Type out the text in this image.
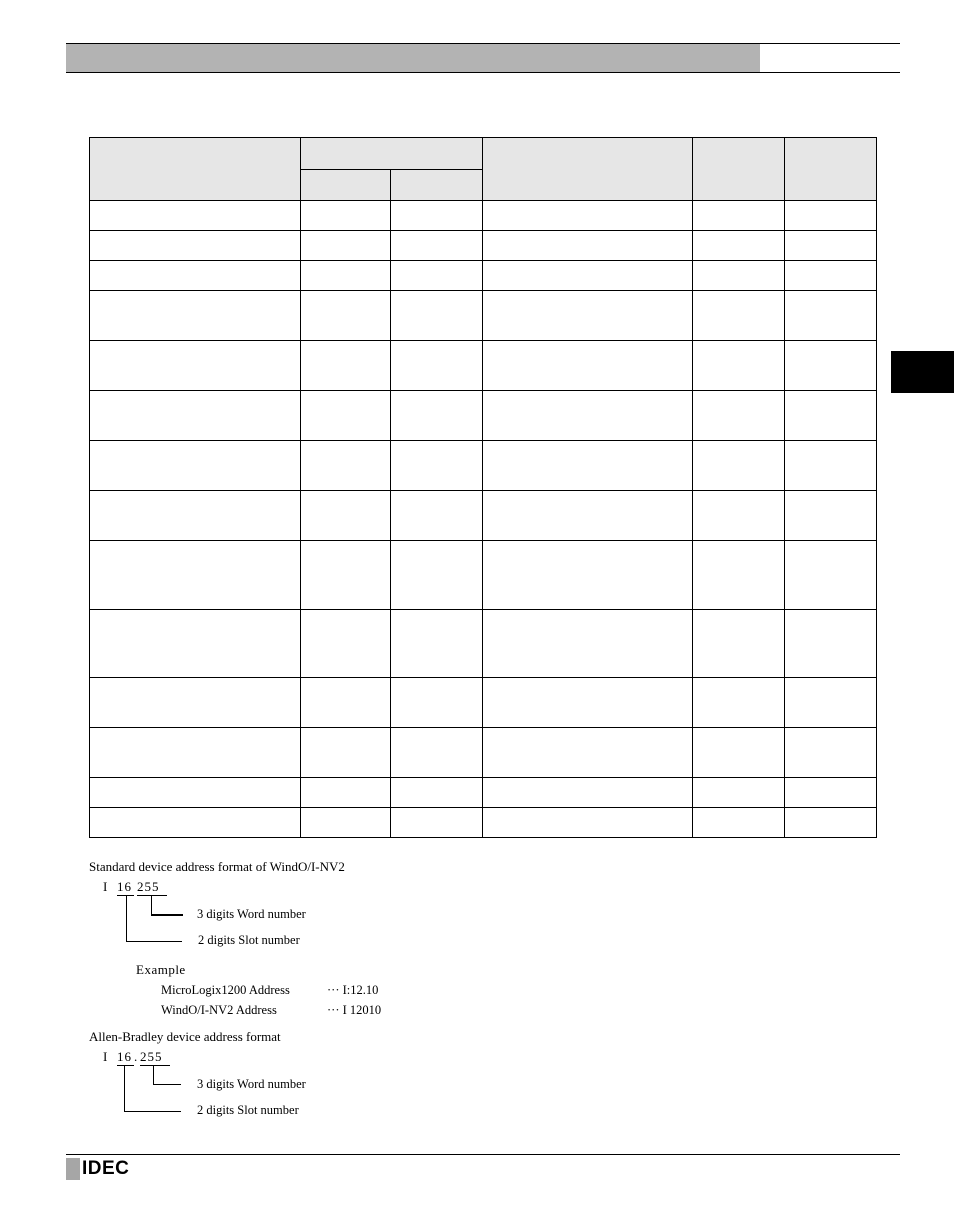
Standard device address format of WindO/I-NV2
I 16 255
3 digits Word number
2 digits Slot number
Example
MicroLogix1200 Address	··· I:12.10
WindO/I-NV2 Address	··· I 12010
Allen-Bradley device address format
I 16 . 255
3 digits Word number
2 digits Slot number
IDEC
